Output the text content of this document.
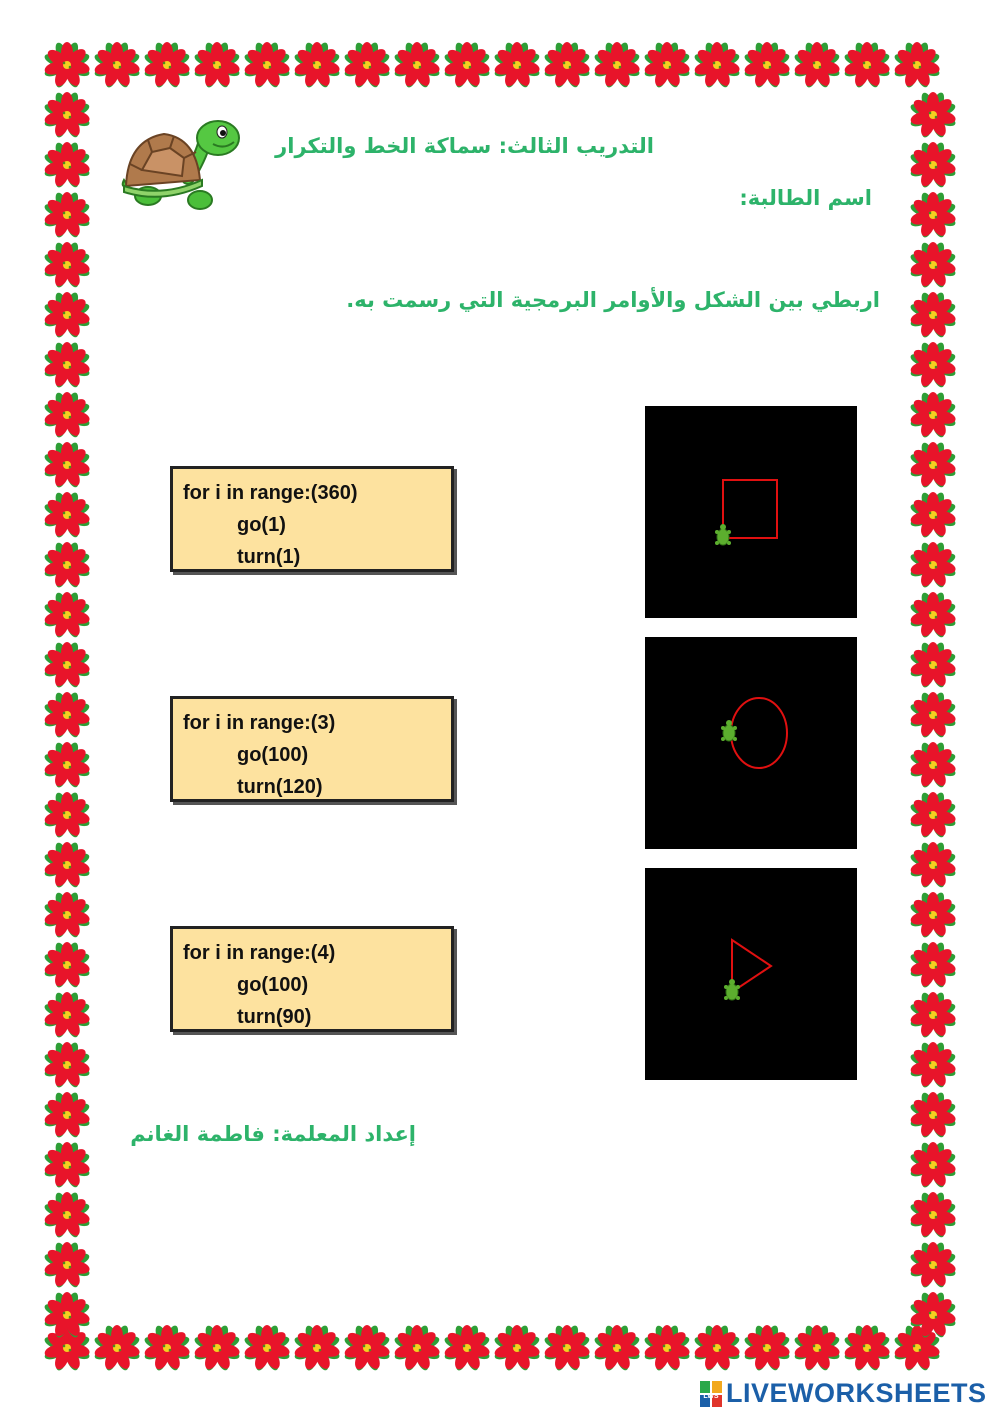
التدريب الثالث: سماكة الخط والتكرار
اسم الطالبة:
اربطي بين الشكل والأوامر البرمجية التي رسمت به.
for i in range:(360)
go(1)
turn(1)
for i in range:(3)
go(100)
turn(120)
for i in range:(4)
go(100)
turn(90)
إعداد المعلمة: فاطمة الغانم
LWS LIVEWORKSHEETS
